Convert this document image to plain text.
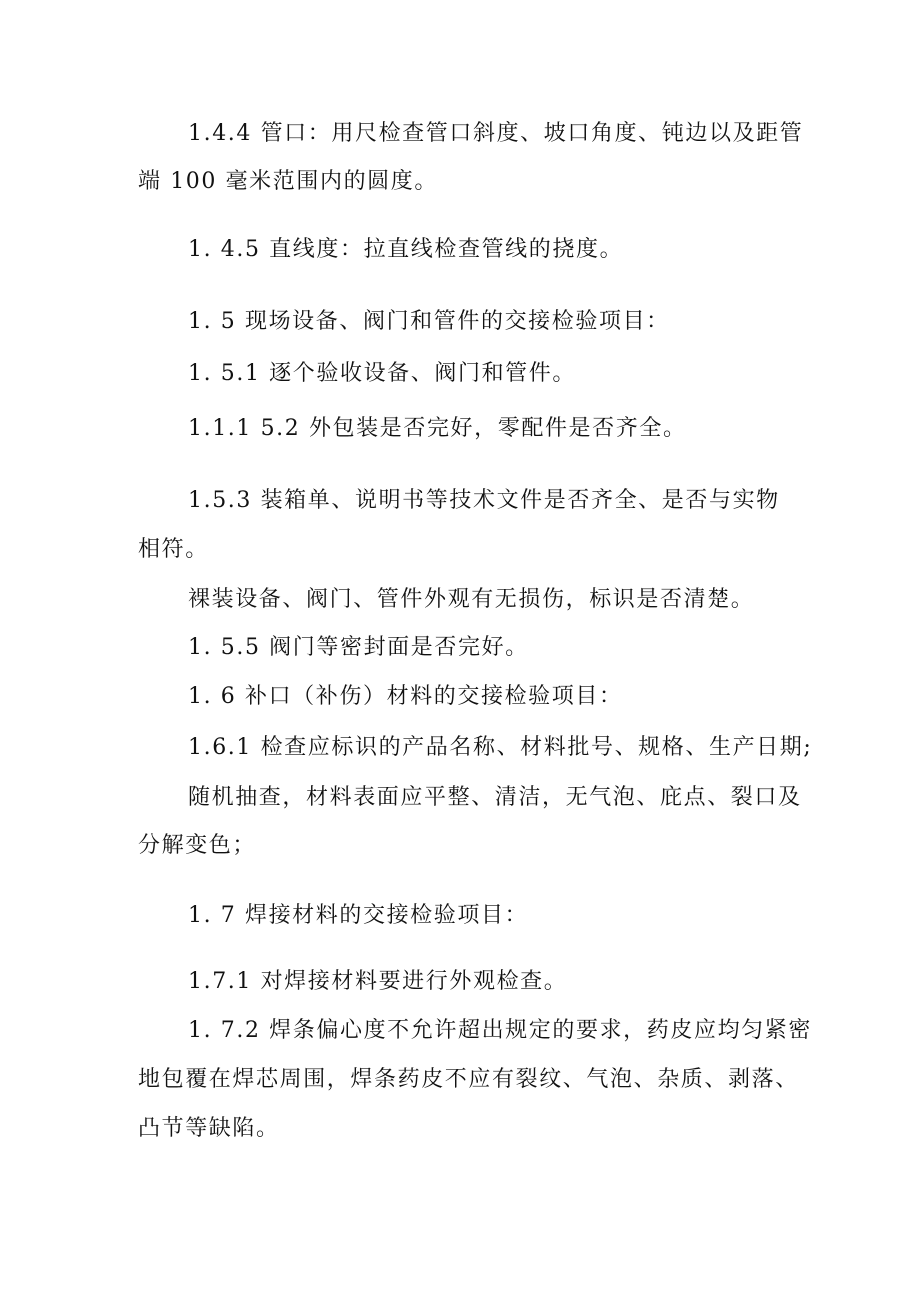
1.4.4 管口：用尺检查管口斜度、坡口角度、钝边以及距管
端 100 毫米范围内的圆度。
1. 4.5 直线度：拉直线检查管线的挠度。
1. 5 现场设备、阀门和管件的交接检验项目：
1. 5.1 逐个验收设备、阀门和管件。
1.1.1 5.2 外包装是否完好，零配件是否齐全。
1.5.3 装箱单、说明书等技术文件是否齐全、是否与实物
相符。
裸装设备、阀门、管件外观有无损伤，标识是否清楚。
1. 5.5 阀门等密封面是否完好。
1. 6 补口（补伤）材料的交接检验项目：
1.6.1 检查应标识的产品名称、材料批号、规格、生产日期;
随机抽查，材料表面应平整、清洁，无气泡、庇点、裂口及
分解变色；
1. 7 焊接材料的交接检验项目：
1.7.1 对焊接材料要进行外观检查。
1. 7.2 焊条偏心度不允许超出规定的要求，药皮应均匀紧密
地包覆在焊芯周围，焊条药皮不应有裂纹、气泡、杂质、剥落、
凸节等缺陷。
